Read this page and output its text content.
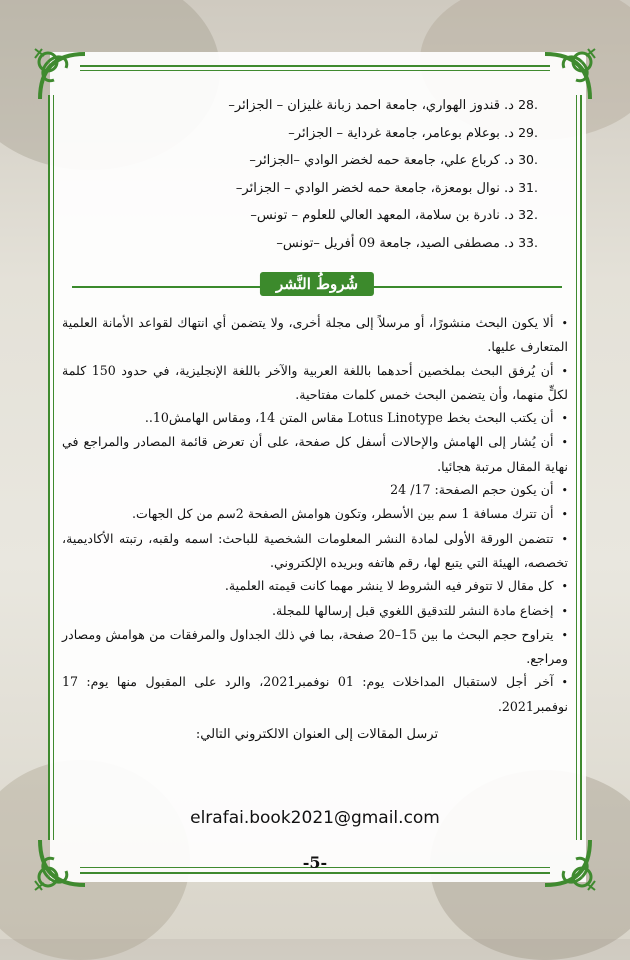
.28 د. قندوز الهواري، جامعة احمد زبانة غليزان – الجزائر–
.29 د. بوعلام بوعامر، جامعة غرداية – الجزائر–
.30 د. كرباع علي، جامعة حمه لخضر الوادي –الجزائر–
.31 د. نوال بومعزة، جامعة حمه لخضر الوادي – الجزائر–
.32 د. نادرة بن سلامة، المعهد العالي للعلوم – تونس–
.33 د. مصطفى الصيد، جامعة 09 أفريل –تونس–
شُروطُ النَّشر
•ألا يكون البحث منشورًا، أو مرسلاً إلى مجلة أخرى، ولا يتضمن أي انتهاك لقواعد الأمانة العلمية المتعارف عليها.
•أن يُرفق البحث بملخصين أحدهما باللغة العربية والآخر باللغة الإنجليزية، في حدود 150 كلمة لكلٍّ منهما، وأن يتضمن البحث خمس كلمات مفتاحية.
•أن يكتب البحث بخط Lotus Linotype مقاس المتن 14، ومقاس الهامش10..
•أن يُشار إلى الهامش والإحالات أسفل كل صفحة، على أن تعرض قائمة المصادر والمراجع في نهاية المقال مرتبة هجائيا.
•أن يكون حجم الصفحة: 17/ 24
•أن تترك مسافة 1 سم بين الأسطر، وتكون هوامش الصفحة 2سم من كل الجهات.
•تتضمن الورقة الأولى لمادة النشر المعلومات الشخصية للباحث: اسمه ولقبه، رتبته الأكاديمية، تخصصه، الهيئة التي يتبع لها، رقم هاتفه وبريده الإلكتروني.
•كل مقال لا تتوفر فيه الشروط لا ينشر مهما كانت قيمته العلمية.
•إخضاع مادة النشر للتدقيق اللغوي قبل إرسالها للمجلة.
•يتراوح حجم البحث ما بين 15–20 صفحة، بما في ذلك الجداول والمرفقات من هوامش ومصادر ومراجع.
•آخر أجل لاستقبال المداخلات يوم: 01 نوفمبر2021، والرد على المقبول منها يوم: 17 نوفمبر2021.
ترسل المقالات إلى العنوان الالكتروني التالي:
elrafai.book2021@gmail.com
-5-
